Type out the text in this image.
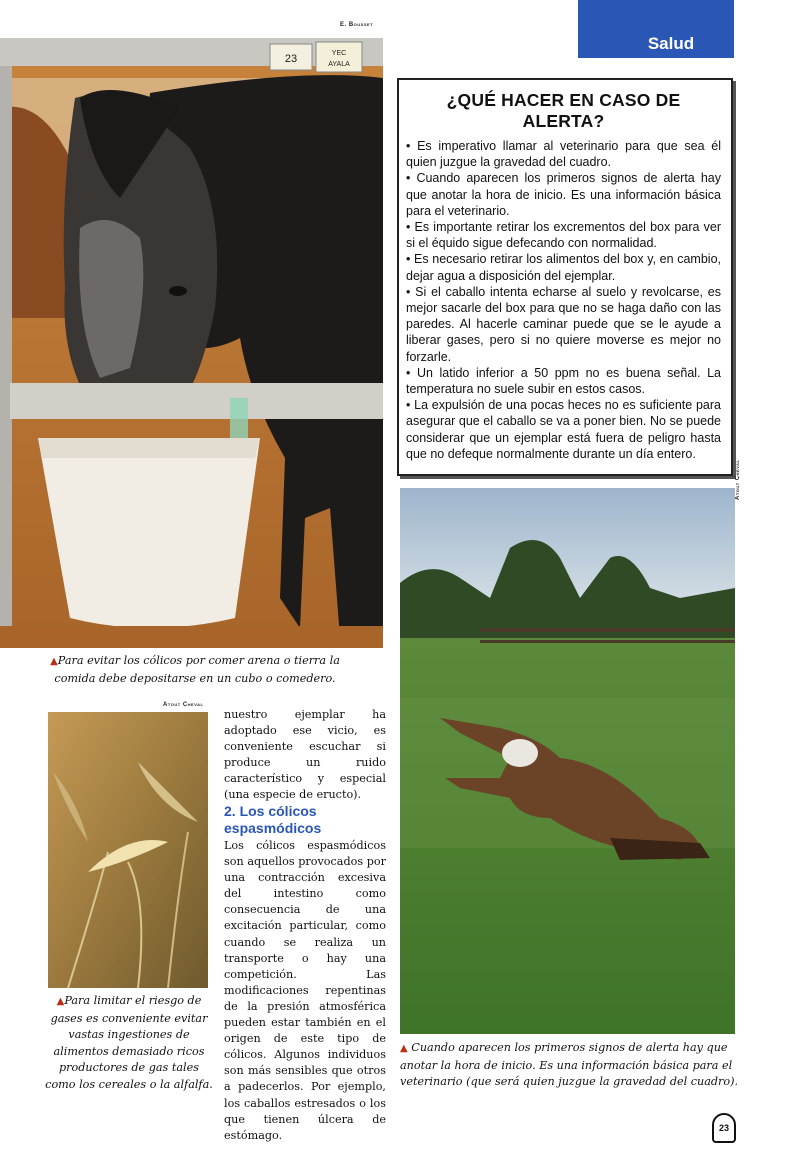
Salud
E. Bousset
23	YEC
AYALA
▲Para evitar los cólicos por comer arena o tierra la comida debe depositarse en un cubo o comedero.
¿QUÉ HACER EN CASO DE ALERTA?

• Es imperativo llamar al veterinario para que sea él quien juzgue la gravedad del cuadro.

• Cuando aparecen los primeros signos de alerta hay que anotar la hora de inicio. Es una información básica para el veterinario.

• Es importante retirar los excrementos del box para ver si el équido sigue defecando con normalidad.

• Es necesario retirar los alimentos del box y, en cambio, dejar agua a disposición del ejemplar.

• Si el caballo intenta echarse al suelo y revolcarse, es mejor sacarle del box para que no se haga daño con las paredes. Al hacerle caminar puede que se le ayude a liberar gases, pero si no quiere moverse es mejor no forzarle.

• Un latido inferior a 50 ppm no es buena señal. La temperatura no suele subir en estos casos.

• La expulsión de una pocas heces no es suficiente para asegurar que el caballo se va a poner bien. No se puede considerar que un ejemplar está fuera de peligro hasta que no defeque normalmente durante un día entero.

Atout Cheval
▲ Cuando aparecen los primeros signos de alerta hay que anotar la hora de inicio. Es una información básica para el veterinario (que será quien juzgue la gravedad del cuadro).
Atout Cheval
▲Para limitar el riesgo de gases es conveniente evitar vastas ingestiones de alimentos demasiado ricos productores de gas tales como los cereales o la alfalfa.
nuestro ejemplar ha adoptado ese vicio, es conveniente escuchar si produce un ruido característico y especial (una especie de eructo).
2. Los cólicos espasmódicos
Los cólicos espasmódicos son aquellos provocados por una contracción excesiva del intestino como consecuencia de una excitación particular, como cuando se realiza un transporte o hay una competición. Las modificaciones repentinas de la presión atmosférica pueden estar también en el origen de este tipo de cólicos. Algunos individuos son más sensibles que otros a padecerlos. Por ejemplo, los caballos estresados o los que tienen úlcera de estómago.
23
